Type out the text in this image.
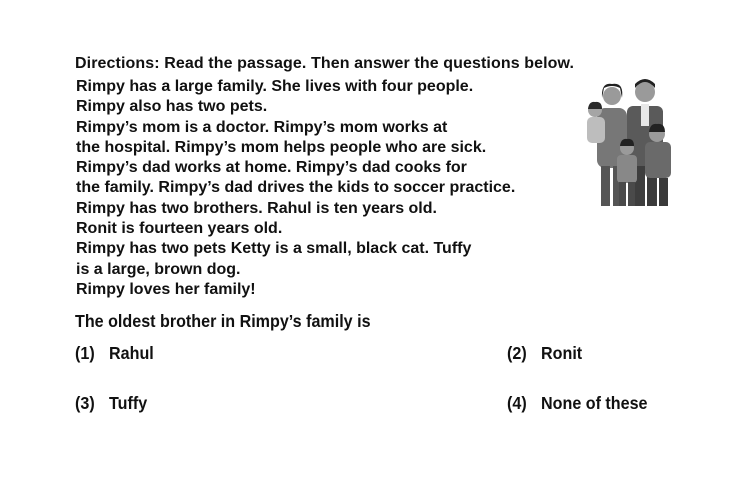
Directions: Read the passage. Then answer the questions below.
Rimpy has a large family. She lives with four people.
Rimpy also has two pets.
Rimpy’s mom is a doctor. Rimpy’s mom works at
the hospital. Rimpy’s mom helps people who are sick.
Rimpy’s dad works at home. Rimpy’s dad cooks for
the family. Rimpy’s dad drives the kids to soccer practice.
Rimpy has two brothers. Rahul is ten years old.
Ronit is fourteen years old.
Rimpy has two pets Ketty is a small, black cat. Tuffy
is a large, brown dog.
Rimpy loves her family!
The oldest brother in Rimpy’s family is
(1) Rahul	(2) Ronit
(3) Tuffy	(4) None of these
